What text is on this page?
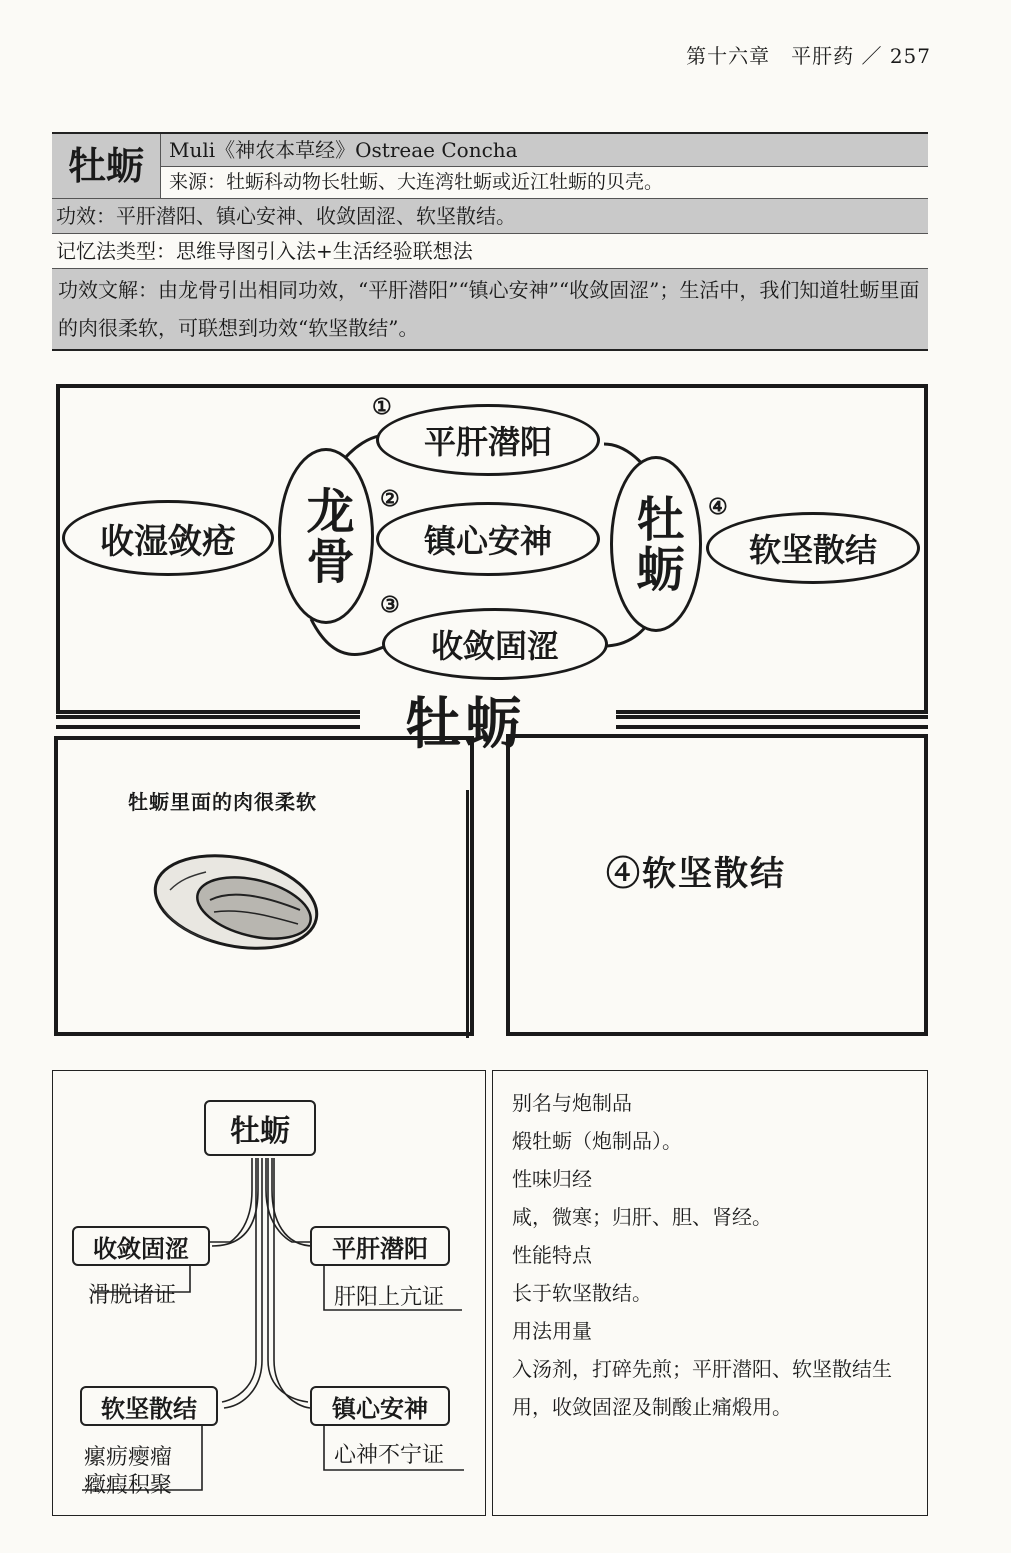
第十六章　平肝药 ／ 257
牡蛎	Muli《神农本草经》Ostreae Concha
来源：牡蛎科动物长牡蛎、大连湾牡蛎或近江牡蛎的贝壳。
功效：平肝潜阳、镇心安神、收敛固涩、软坚散结。
记忆法类型：思维导图引入法+生活经验联想法
功效文解：由龙骨引出相同功效，“平肝潜阳”“镇心安神”“收敛固涩”；生活中，我们知道牡蛎里面的肉很柔软，可联想到功效“软坚散结”。
收湿敛疮	龙骨	牡蛎	软坚散结
平肝潜阳
镇心安神
收敛固涩
①
②
③
④
牡蛎
牡蛎里面的肉很柔软
④软坚散结
牡蛎
收敛固涩
滑脱诸证
平肝潜阳
肝阳上亢证
软坚散结
瘰疬瘿瘤
癥瘕积聚
镇心安神
心神不宁证
别名与炮制品
煅牡蛎（炮制品）。
性味归经
咸，微寒；归肝、胆、肾经。
性能特点
长于软坚散结。
用法用量
入汤剂，打碎先煎；平肝潜阳、软坚散结生用，收敛固涩及制酸止痛煅用。
